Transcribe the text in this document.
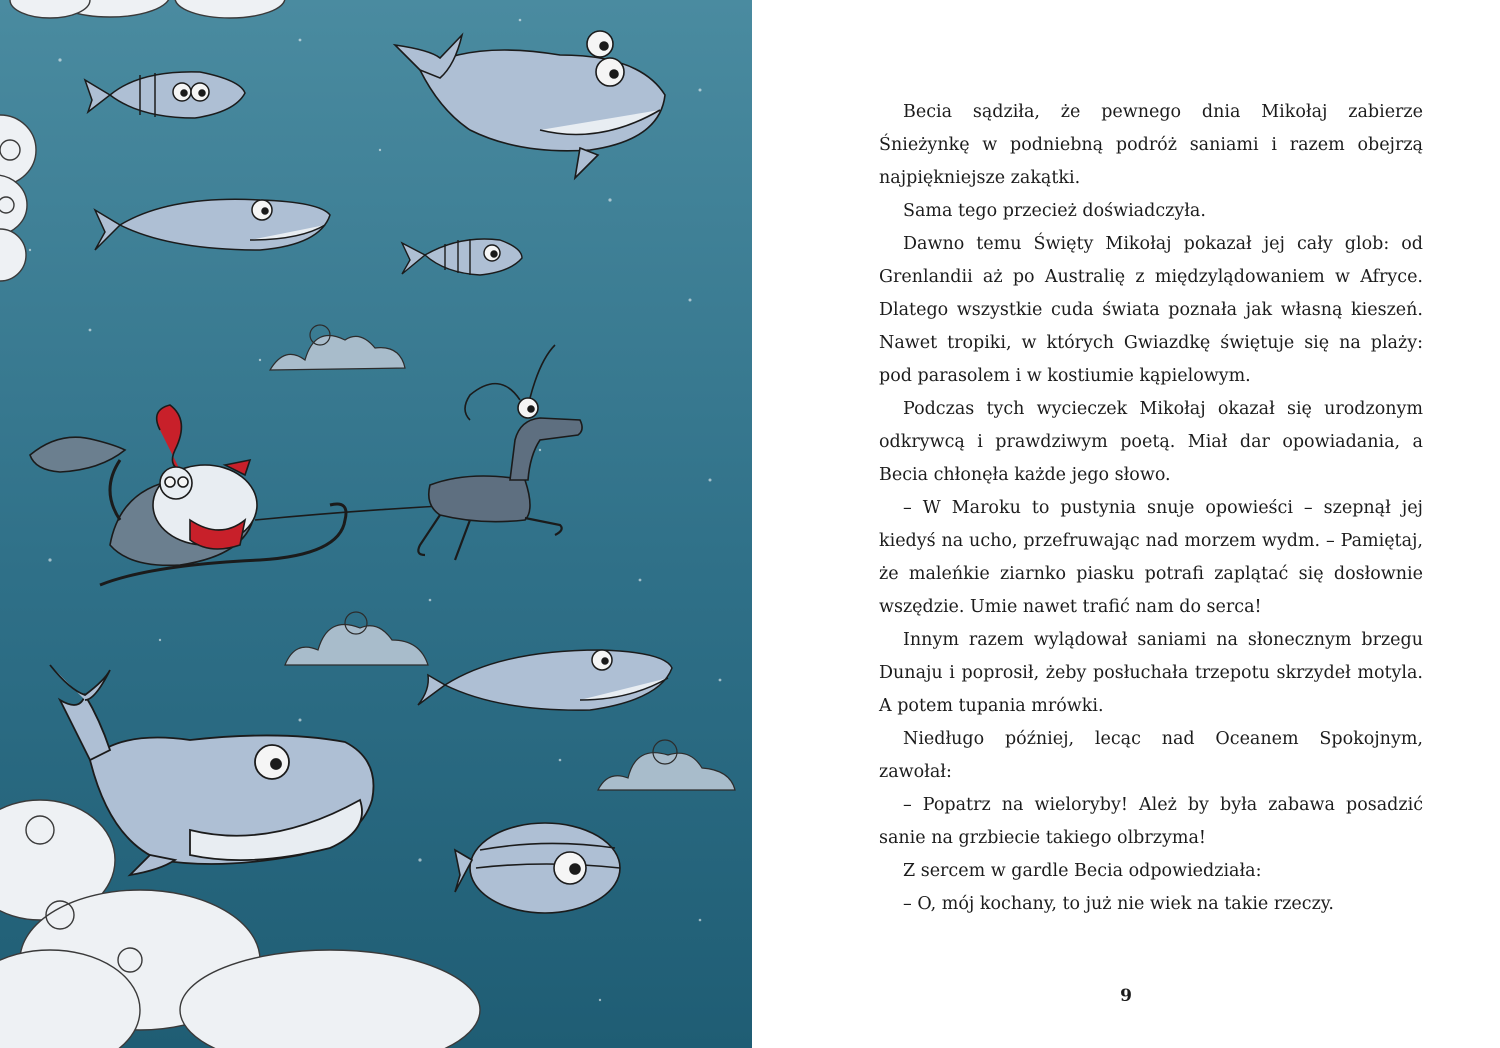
Becia sądziła, że pewnego dnia Mikołaj zabierze Śnieżynkę w podniebną podróż saniami i razem obejrzą najpiękniejsze zakątki.

Sama tego przecież doświadczyła.

Dawno temu Święty Mikołaj pokazał jej cały glob: od Grenlandii aż po Australię z międzylądowaniem w Afryce. Dlatego wszystkie cuda świata poznała jak własną kieszeń. Nawet tropiki, w których Gwiazdkę świętuje się na plaży: pod parasolem i w kostiumie kąpielowym.

Podczas tych wycieczek Mikołaj okazał się urodzonym odkrywcą i prawdziwym poetą. Miał dar opowiadania, a Becia chłonęła każde jego słowo.

– W Maroku to pustynia snuje opowieści – szepnął jej kiedyś na ucho, przefruwając nad morzem wydm. – Pamiętaj, że maleńkie ziarnko piasku potrafi zaplątać się dosłownie wszędzie. Umie nawet trafić nam do serca!

Innym razem wylądował saniami na słonecznym brzegu Dunaju i poprosił, żeby posłuchała trzepotu skrzydeł motyla. A potem tupania mrówki.

Niedługo później, lecąc nad Oceanem Spokojnym, zawołał:

– Popatrz na wieloryby! Ależ by była zabawa posadzić sanie na grzbiecie takiego olbrzyma!

Z sercem w gardle Becia odpowiedziała:

– O, mój kochany, to już nie wiek na takie rzeczy.

9
